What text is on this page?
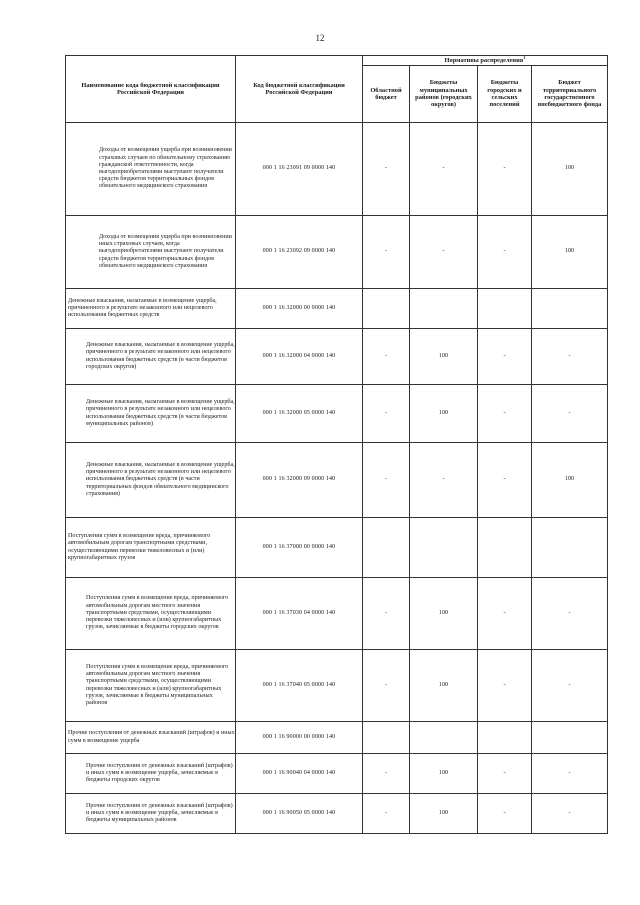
12
Наименование кода бюджетной классификации Российской Федерации	Код бюджетной классификации Российской Федерации	Нормативы распределения$^1$
		Областной бюджет	Бюджеты муниципальных районов (городских округов)	Бюджеты городских и сельских поселений	Бюджет территориального государственного внебюджетного фонда
Доходы от возмещения ущерба при возникновении страховых случаев по обязательному страхованию гражданской ответственности, когда выгодоприобретателями выступают получатели средств бюджетов территориальных фондов обязательного медицинского страхования	000 1 16 23091 09 0000 140	-	-	-	100
Доходы от возмещения ущерба при возникновении иных страховых случаев, когда выгодоприобретателями выступают получатели средств бюджетов территориальных фондов обязательного медицинского страхования	000 1 16 23092 09 0000 140	-	-	-	100
Денежные взыскания, налагаемые в возмещение ущерба, причиненного в результате незаконного или нецелевого использования бюджетных средств	000 1 16 32000 00 0000 140				
Денежные взыскания, налагаемые в возмещение ущерба, причиненного в результате незаконного или нецелевого использования бюджетных средств (в части бюджетов городских округов)	000 1 16 32000 04 0000 140	-	100	-	-
Денежные взыскания, налагаемые в возмещение ущерба, причиненного в результате незаконного или нецелевого использования бюджетных средств (в части бюджетов муниципальных районов)	000 1 16 32000 05 0000 140	-	100	-	-
Денежные взыскания, налагаемые в возмещение ущерба, причиненного в результате незаконного или нецелевого использования бюджетных средств (в части территориальных фондов обязательного медицинского страхования)	000 1 16 32000 09 0000 140	-	-	-	100
Поступления сумм в возмещение вреда, причиняемого автомобильным дорогам транспортными средствами, осуществляющими перевозки тяжеловесных и (или) крупногабаритных грузов	000 1 16 37000 00 0000 140				
Поступления сумм в возмещение вреда, причиняемого автомобильным дорогам местного значения транспортными средствами, осуществляющими перевозки тяжеловесных и (или) крупногабаритных грузов, зачисляемые в бюджеты городских округов	000 1 16 37030 04 0000 140	-	100	-	-
Поступления сумм в возмещение вреда, причиняемого автомобильным дорогам местного значения транспортными средствами, осуществляющими перевозки тяжеловесных и (или) крупногабаритных грузов, зачисляемые в бюджеты муниципальных районов	000 1 16 37040 05 0000 140	-	100	-	-
Прочие поступления от денежных взысканий (штрафов) и иных сумм в возмещение ущерба	000 1 16 90000 00 0000 140				
Прочие поступления от денежных взысканий (штрафов) и иных сумм в возмещение ущерба, зачисляемые в бюджеты городских округов	000 1 16 90040 04 0000 140	-	100	-	-
Прочие поступления от денежных взысканий (штрафов) и иных сумм в возмещение ущерба, зачисляемые в бюджеты муниципальных районов	000 1 16 90050 05 0000 140	-	100	-	-
